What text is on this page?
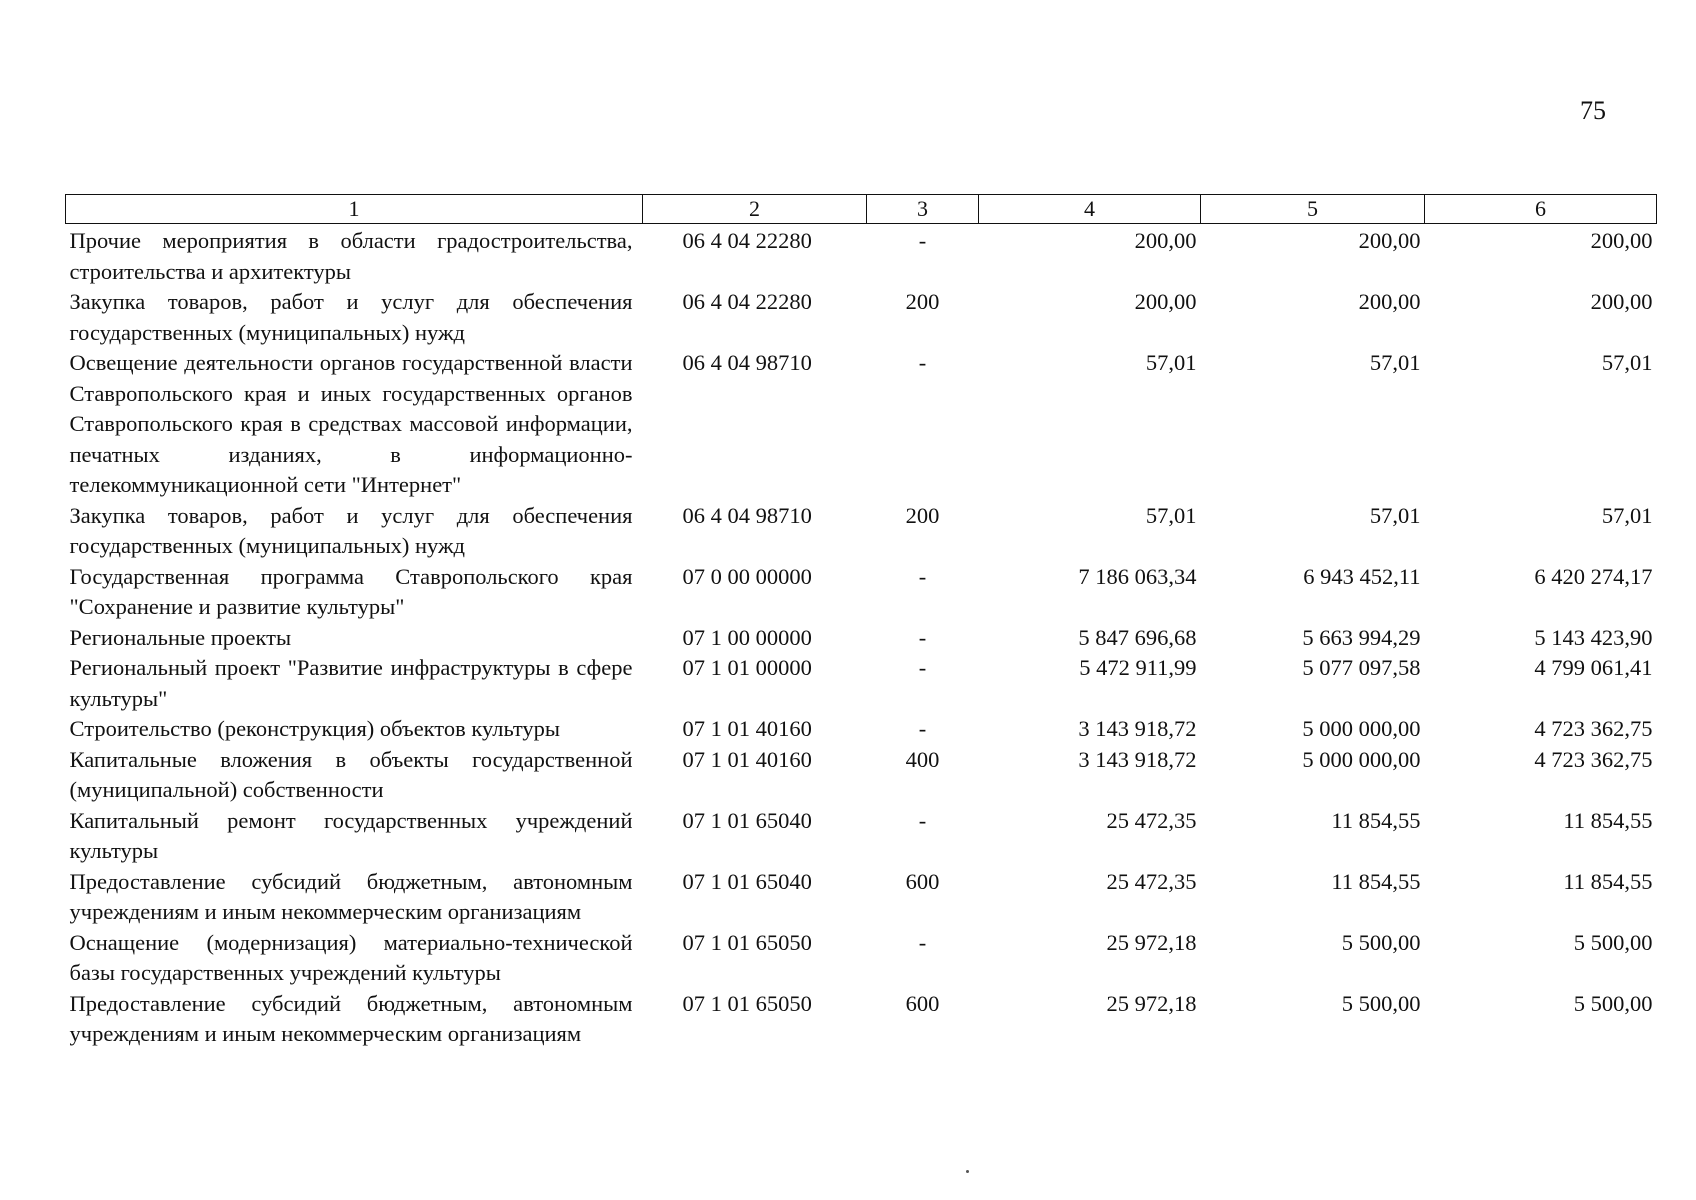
75
1	2	3	4	5	6
Прочие мероприятия в области градостроительства, строительства и архитектуры	06 4 04 22280	-	200,00	200,00	200,00
Закупка товаров, работ и услуг для обеспечения государственных (муниципальных) нужд	06 4 04 22280	200	200,00	200,00	200,00
Освещение деятельности органов государственной власти Ставропольского края и иных государственных органов Ставропольского края в средствах массовой информации, печатных изданиях, в информационно-телекоммуникационной сети "Интернет"	06 4 04 98710	-	57,01	57,01	57,01
Закупка товаров, работ и услуг для обеспечения государственных (муниципальных) нужд	06 4 04 98710	200	57,01	57,01	57,01
Государственная программа Ставропольского края "Сохранение и развитие культуры"	07 0 00 00000	-	7 186 063,34	6 943 452,11	6 420 274,17
Региональные проекты	07 1 00 00000	-	5 847 696,68	5 663 994,29	5 143 423,90
Региональный проект "Развитие инфраструктуры в сфере культуры"	07 1 01 00000	-	5 472 911,99	5 077 097,58	4 799 061,41
Строительство (реконструкция) объектов культуры	07 1 01 40160	-	3 143 918,72	5 000 000,00	4 723 362,75
Капитальные вложения в объекты государственной (муниципальной) собственности	07 1 01 40160	400	3 143 918,72	5 000 000,00	4 723 362,75
Капитальный ремонт государственных учреждений культуры	07 1 01 65040	-	25 472,35	11 854,55	11 854,55
Предоставление субсидий бюджетным, автономным учреждениям и иным некоммерческим организациям	07 1 01 65040	600	25 472,35	11 854,55	11 854,55
Оснащение (модернизация) материально-технической базы государственных учреждений культуры	07 1 01 65050	-	25 972,18	5 500,00	5 500,00
Предоставление субсидий бюджетным, автономным учреждениям и иным некоммерческим организациям	07 1 01 65050	600	25 972,18	5 500,00	5 500,00
